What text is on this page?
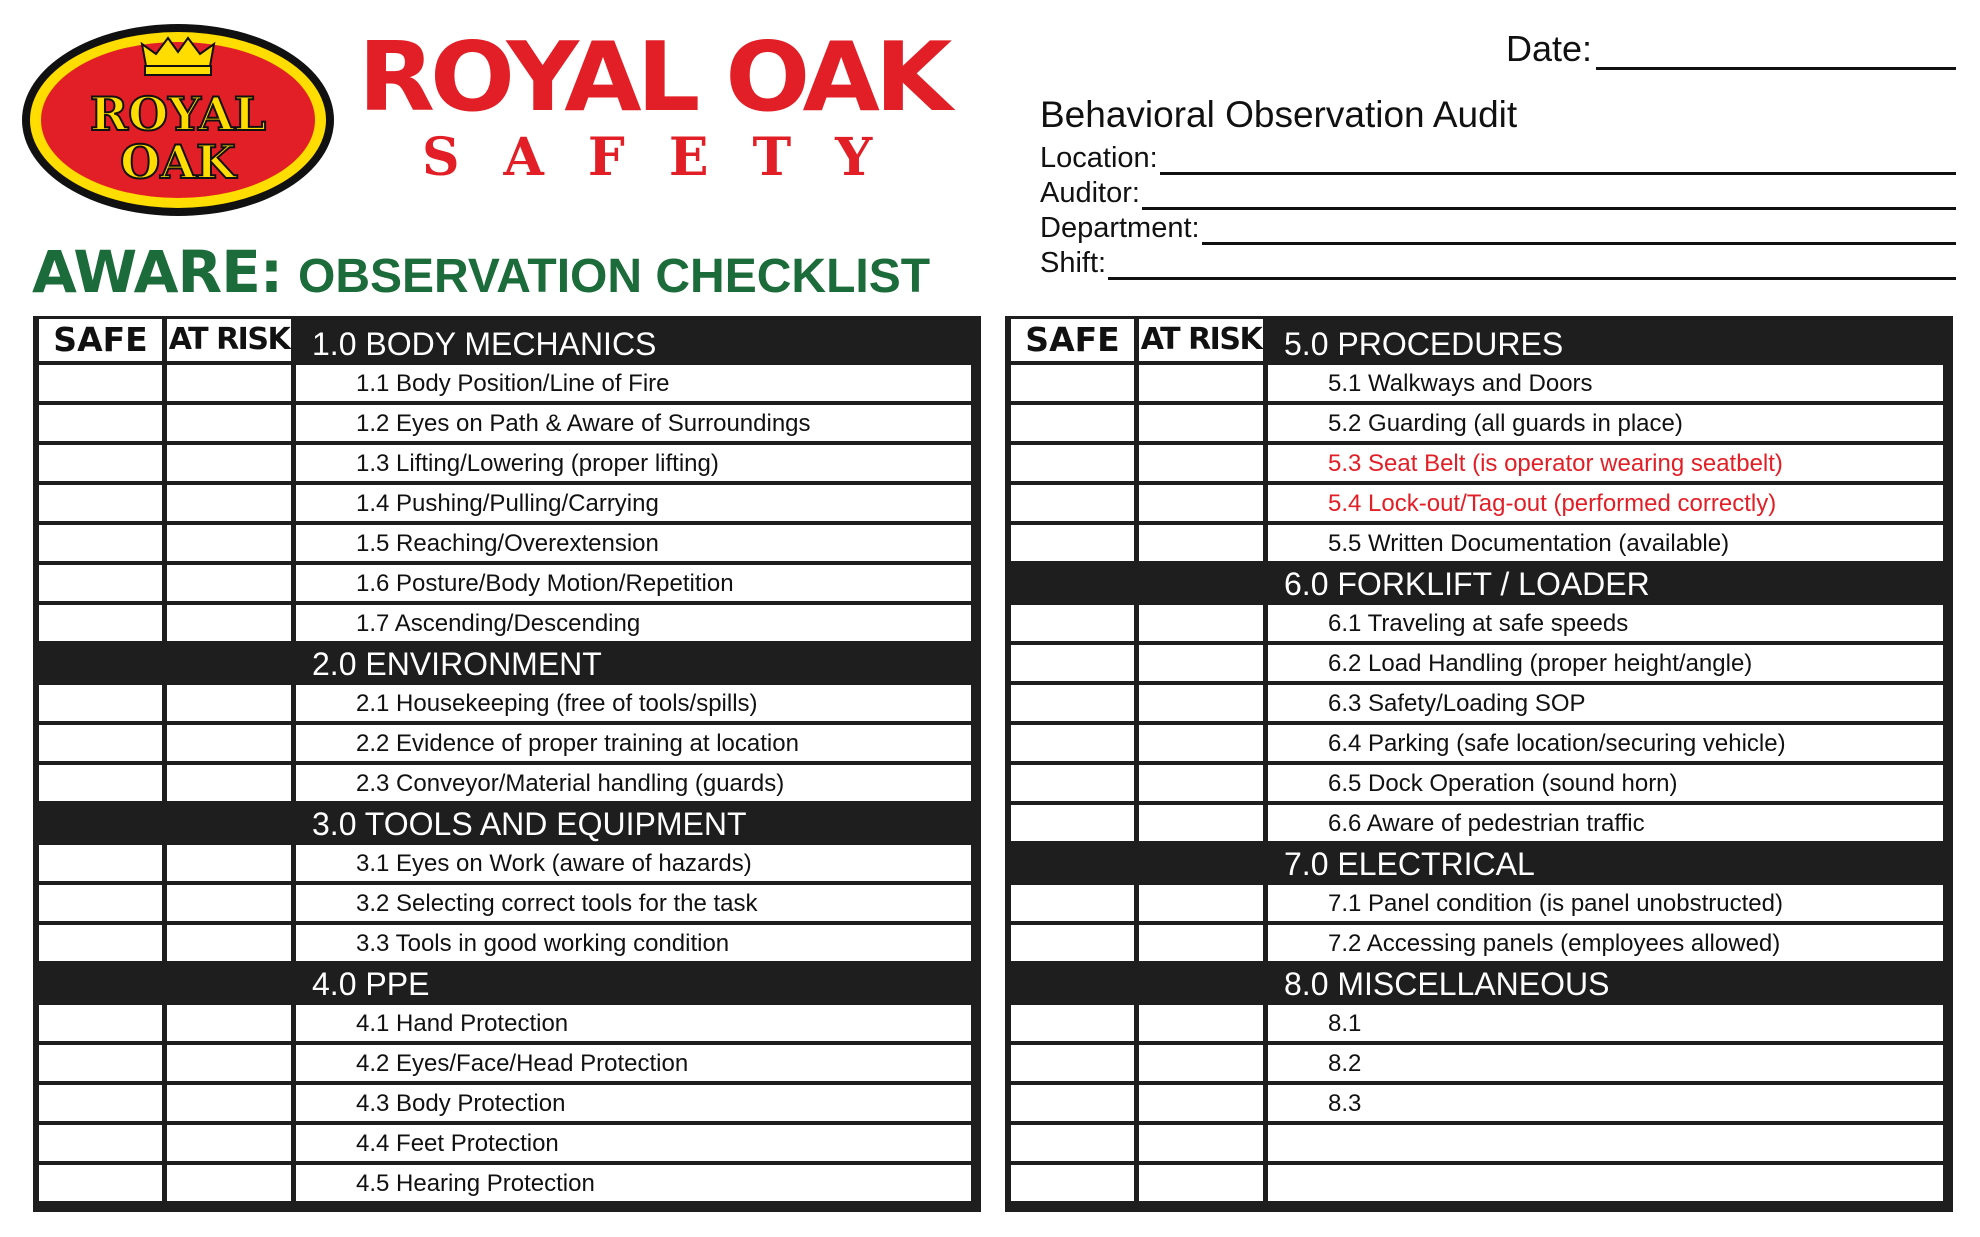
ROYAL
OAK
ROYAL OAK
SAFETY
AWARE: OBSERVATION CHECKLIST
Date:
Behavioral Observation Audit
Location:
Auditor:
Department:
Shift:
SAFE AT RISK 1.0 BODY MECHANICS
1.1 Body Position/Line of Fire
1.2 Eyes on Path & Aware of Surroundings
1.3 Lifting/Lowering (proper lifting)
1.4 Pushing/Pulling/Carrying
1.5 Reaching/Overextension
1.6 Posture/Body Motion/Repetition
1.7 Ascending/Descending
2.0 ENVIRONMENT
2.1 Housekeeping (free of tools/spills)
2.2 Evidence of proper training at location
2.3 Conveyor/Material handling (guards)
3.0 TOOLS AND EQUIPMENT
3.1 Eyes on Work (aware of hazards)
3.2 Selecting correct tools for the task
3.3 Tools in good working condition
4.0 PPE
4.1 Hand Protection
4.2 Eyes/Face/Head Protection
4.3 Body Protection
4.4 Feet Protection
4.5 Hearing Protection
SAFE AT RISK 5.0 PROCEDURES
5.1 Walkways and Doors
5.2 Guarding (all guards in place)
5.3 Seat Belt (is operator wearing seatbelt)
5.4 Lock-out/Tag-out (performed correctly)
5.5 Written Documentation (available)
6.0 FORKLIFT / LOADER
6.1 Traveling at safe speeds
6.2 Load Handling (proper height/angle)
6.3 Safety/Loading SOP
6.4 Parking (safe location/securing vehicle)
6.5 Dock Operation (sound horn)
6.6 Aware of pedestrian traffic
7.0 ELECTRICAL
7.1 Panel condition (is panel unobstructed)
7.2 Accessing panels (employees allowed)
8.0 MISCELLANEOUS
8.1
8.2
8.3
